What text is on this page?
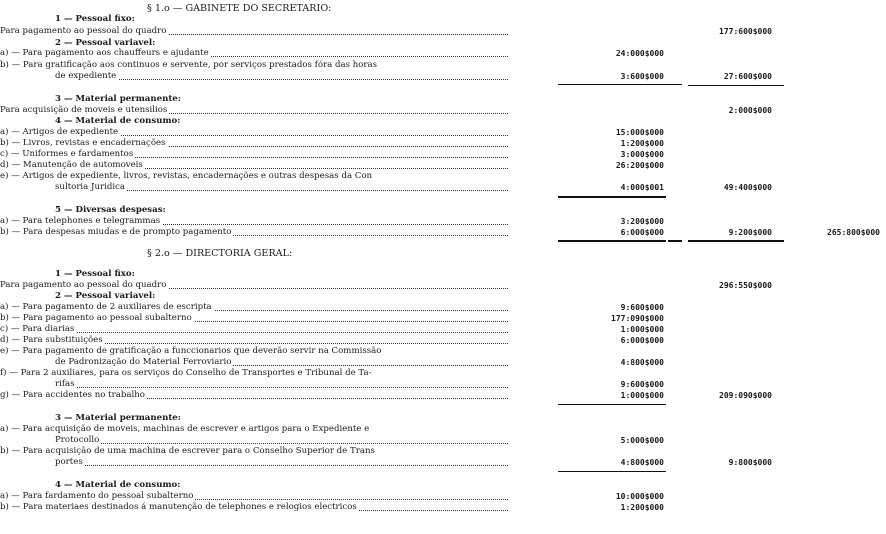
§ 1.o — GABINETE DO SECRETARIO:
1 — Pessoal fixo:
Para pagamento ao pessoal do quadro	177:600$000
2 — Pessoal variavel:
a) — Para pagamento aos chauffeurs e ajudante	24:000$000
b) — Para gratificação aos continuos e servente, por serviços prestados fóra das horas
de expediente	3:600$000	27:600$000
3 — Material permanente:
Para acquisição de moveis e utensilios	2:000$000
4 — Material de consumo:
a) — Artigos de expediente	15:000$000
b) — Livros, revistas e encadernações	1:200$000
c) — Uniformes e fardamentos	3:000$000
d) — Manutenção de automoveis	26:200$000
e) — Artigos de expediente, livros, revistas, encadernações e outras despesas da Con
sultoria Juridica	4:000$001	49:400$000
5 — Diversas despesas:
a) — Para telephones e telegrammas	3:200$000
b) — Para despesas miudas e de prompto pagamento	6:000$000	9:200$000	265:800$000
§ 2.o — DIRECTORIA GERAL:
1 — Pessoal fixo:
Para pagamento ao pessoal do quadro	296:550$000
2 — Pessoal variavel:
a) — Para pagamento de 2 auxiliares de escripta	9:600$000
b) — Para pagamento ao pessoal subalterno	177:090$000
c) — Para diarias	1:000$000
d) — Para substituições	6:000$000
e) — Para pagamento de gratificação a funccionarios que deverão servir na Commissão
de Padronização do Material Ferroviario	4:800$000
f) — Para 2 auxiliares, para os serviços do Conselho de Transportes e Tribunal de Ta-
rifas	9:600$000
g) — Para accidentes no trabalho	1:000$000	209:090$000
3 — Material permanente:
a) — Para acquisição de moveis, machinas de escrever e artigos para o Expediente e
Protocollo	5:000$000
b) — Para acquisição de uma machina de escrever para o Conselho Superior de Trans
portes	4:800$000	9:800$000
4 — Material de consumo:
a) — Para fardamento do pessoal subalterno	10:000$000
b) — Para materiaes destinados á manutenção de telephones e relogios electricos	1:200$000
